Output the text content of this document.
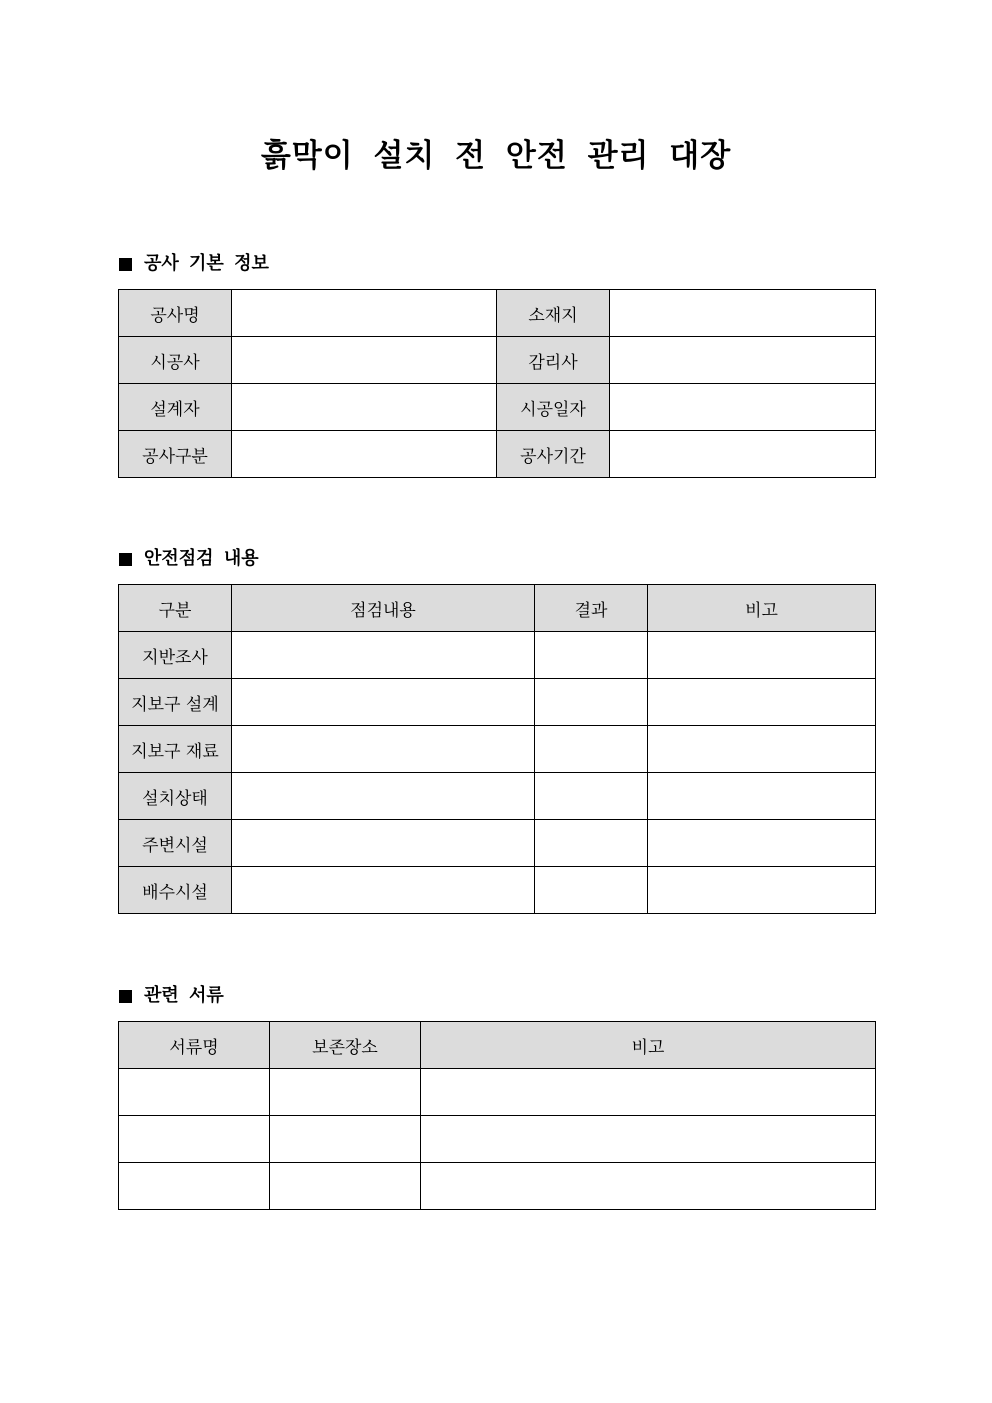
흙막이 설치 전 안전 관리 대장
공사 기본 정보
공사명		소재지	
시공사		감리사	
설계자		시공일자	
공사구분		공사기간	
안전점검 내용
구분	점검내용	결과	비고
지반조사			
지보구 설계			
지보구 재료			
설치상태			
주변시설			
배수시설			
관련 서류
서류명	보존장소	비고
